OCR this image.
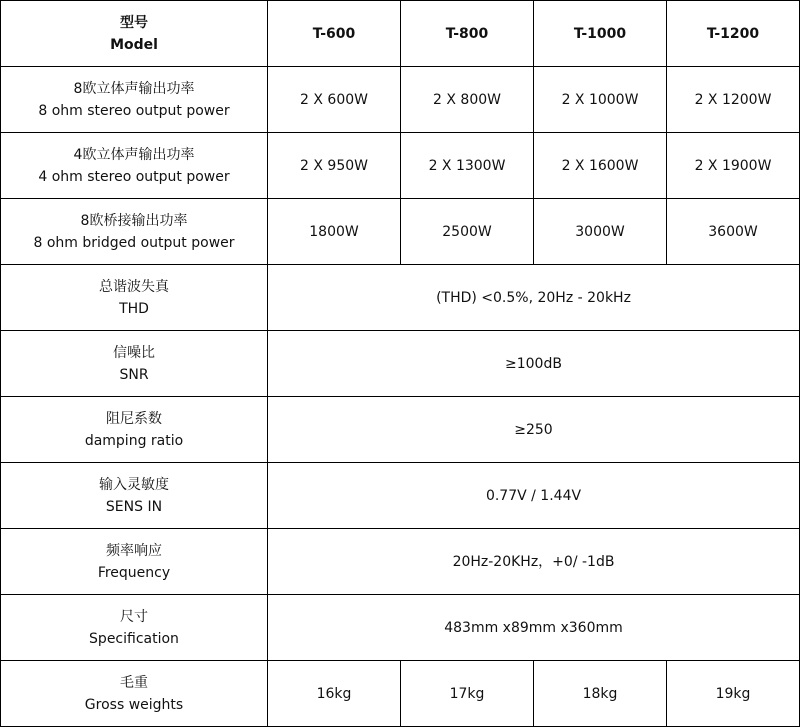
型号
Model	T-600	T-800	T-1000	T-1200

8欧立体声输出功率
8 ohm stereo output power	2 X 600W	2 X 800W	2 X 1000W	2 X 1200W

4欧立体声输出功率
4 ohm stereo output power	2 X 950W	2 X 1300W	2 X 1600W	2 X 1900W

8欧桥接输出功率
8 ohm bridged output power	1800W	2500W	3000W	3600W

总谐波失真
THD	(THD) <0.5%, 20Hz - 20kHz			

信噪比
SNR	≥100dB			

阻尼系数
damping ratio	≥250			

输入灵敏度
SENS IN	0.77V / 1.44V			

频率响应
Frequency	20Hz-20KHz，+0/ -1dB			

尺寸
Specification	483mm x89mm x360mm			

毛重
Gross weights	16kg	17kg	18kg	19kg
